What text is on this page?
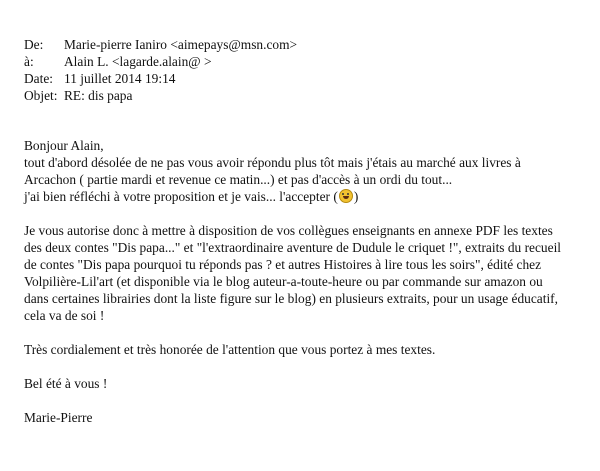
De:	Marie-pierre Ianiro <aimepays@msn.com>
à:	Alain L. <lagarde.alain@ >
Date: 11 juillet 2014 19:14
Objet: RE: dis papa
Bonjour Alain,
tout d'abord désolée de ne pas vous avoir répondu plus tôt mais j'étais au marché aux livres à
Arcachon ( partie mardi et revenue ce matin...) et pas d'accès à un ordi du tout...
j'ai bien réfléchi à votre proposition et je vais... l'accepter ( )
Je vous autorise donc à mettre à disposition de vos collègues enseignants en annexe PDF les textes
des deux contes "Dis papa..." et "l'extraordinaire aventure de Dudule le criquet !", extraits du recueil
de contes "Dis papa pourquoi tu réponds pas ? et autres Histoires à lire tous les soirs", édité chez
Volpilière-Lil'art (et disponible via le blog auteur-a-toute-heure ou par commande sur amazon ou
dans certaines librairies dont la liste figure sur le blog) en plusieurs extraits, pour un usage éducatif,
cela va de soi !
Très cordialement et très honorée de l'attention que vous portez à mes textes.
Bel été à vous !
Marie-Pierre
